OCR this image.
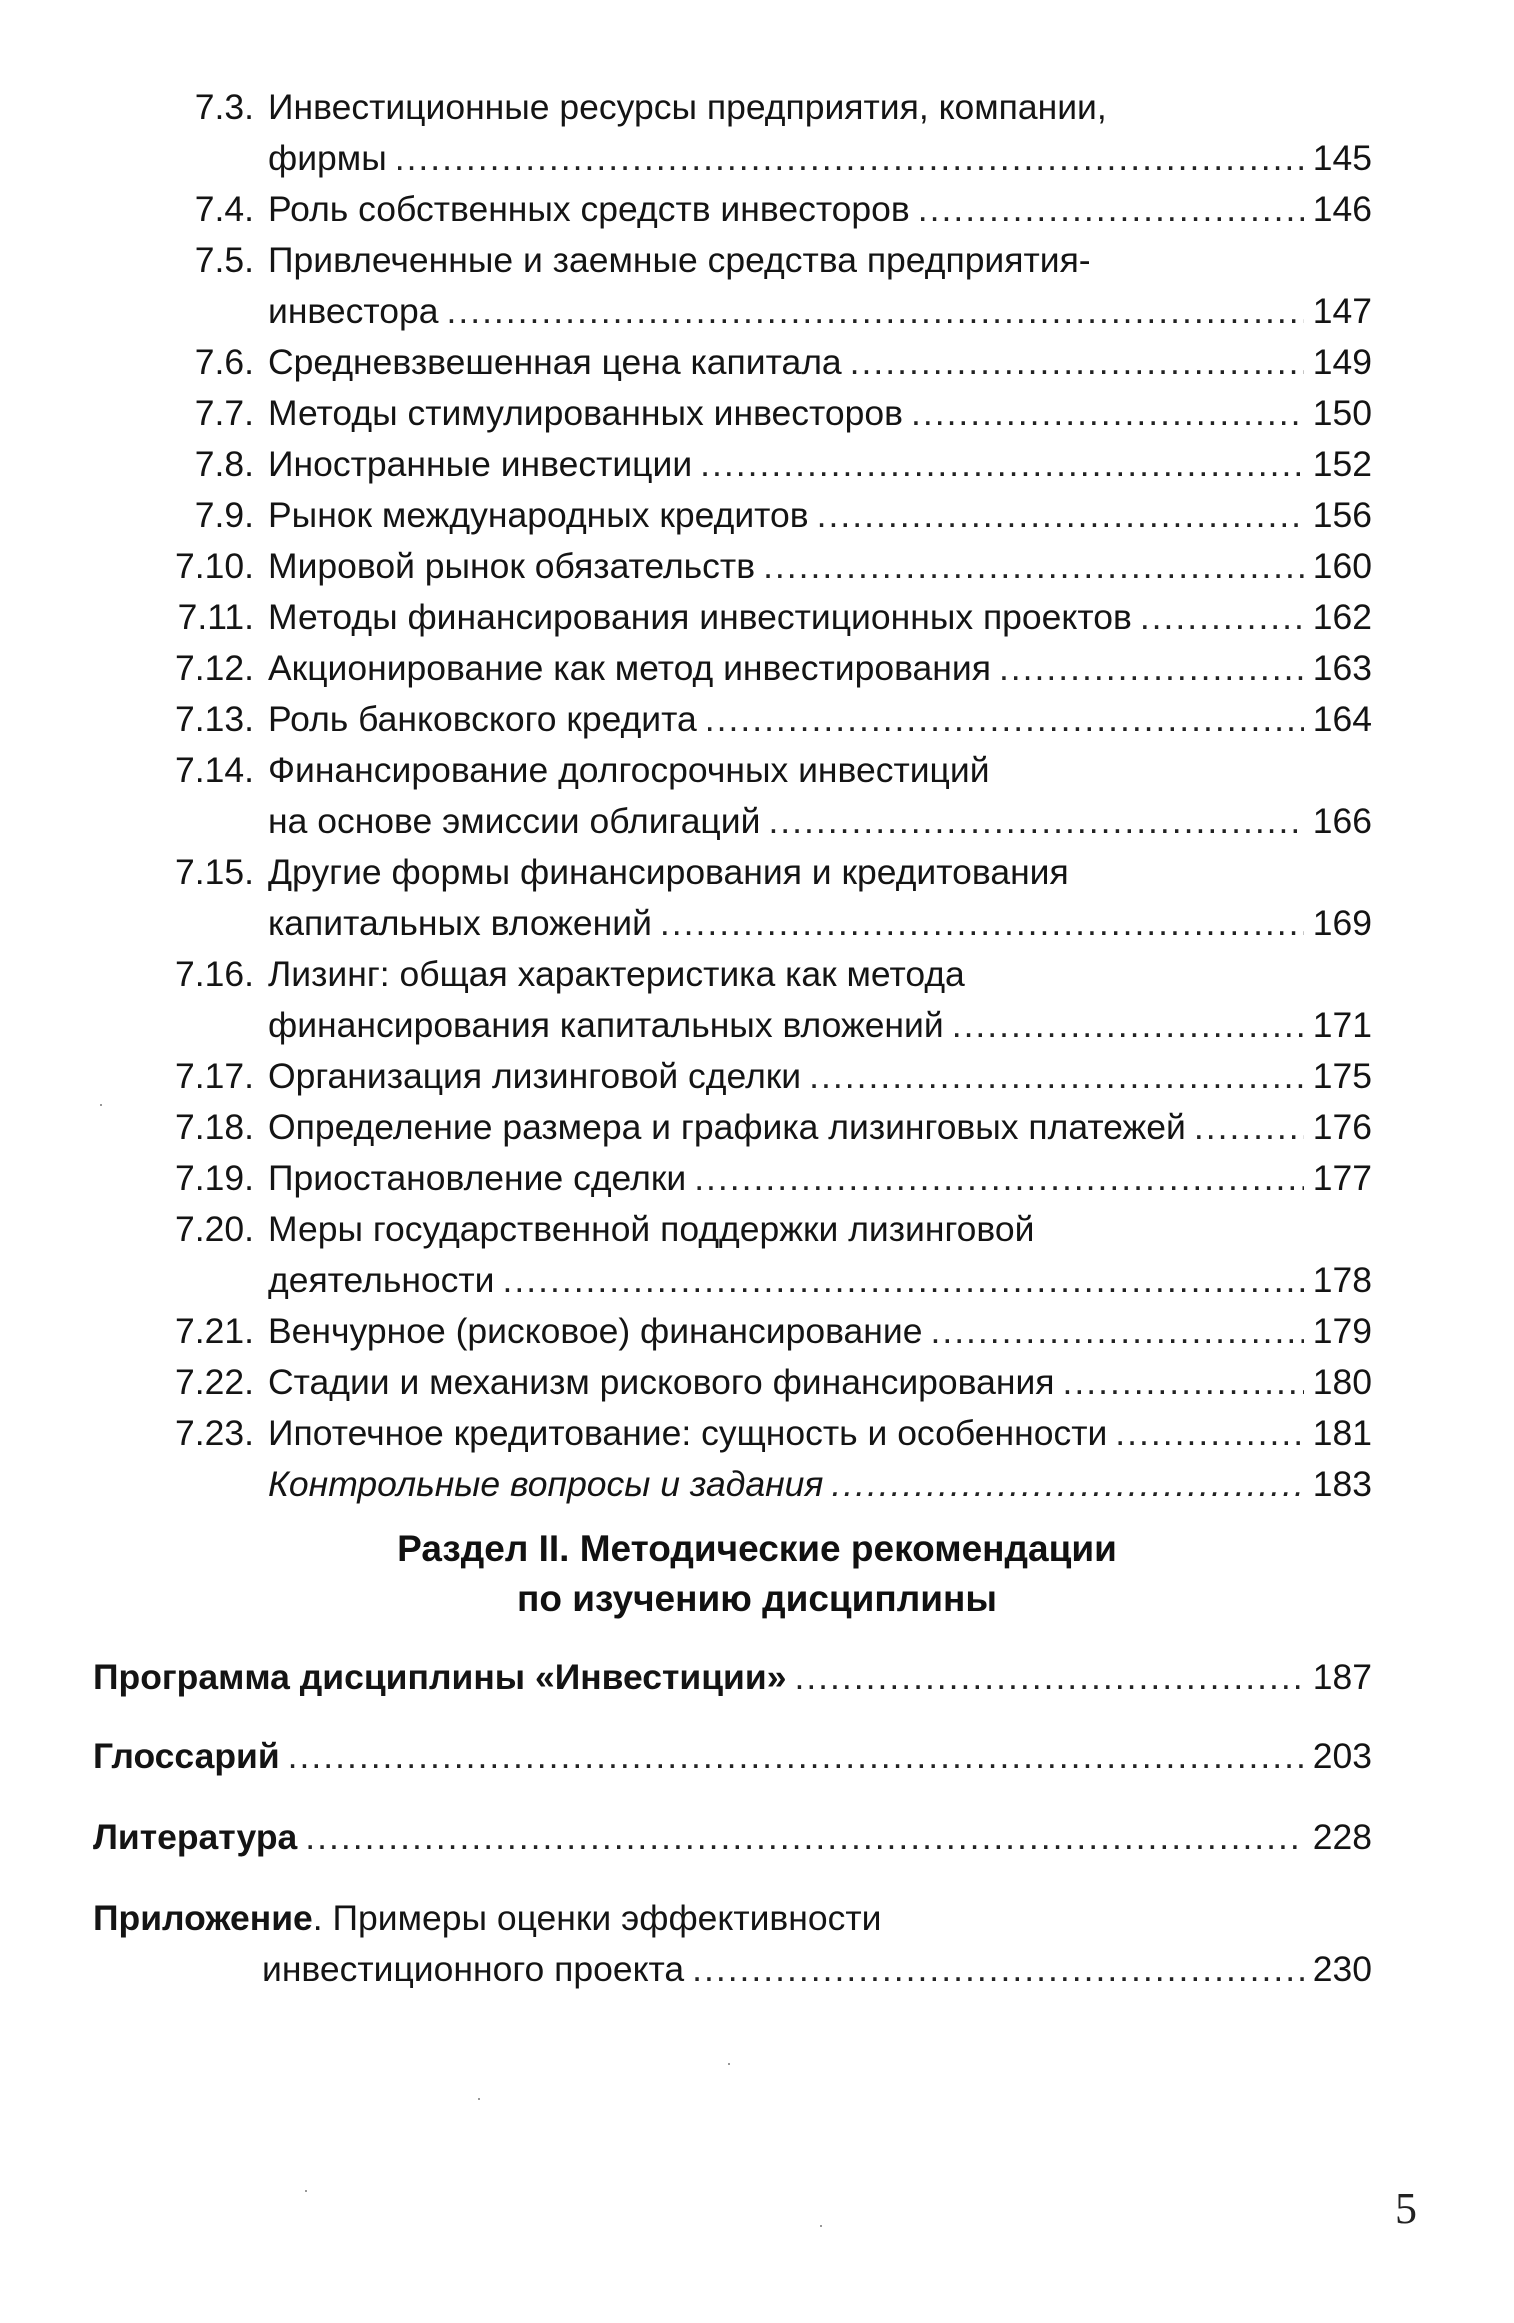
7.3. Инвестиционные ресурсы предприятия, компании,
фирмы .....	145
7.4. Роль собственных средств инвесторов .....	146
7.5. Привлеченные и заемные средства предприятия-
инвестора .....	147
7.6. Средневзвешенная цена капитала .....	149
7.7. Методы стимулированных инвесторов .....	150
7.8. Иностранные инвестиции .....	152
7.9. Рынок международных кредитов .....	156
7.10. Мировой рынок обязательств .....	160
7.11. Методы финансирования инвестиционных проектов .....	162
7.12. Акционирование как метод инвестирования .....	163
7.13. Роль банковского кредита .....	164
7.14. Финансирование долгосрочных инвестиций
на основе эмиссии облигаций .....	166
7.15. Другие формы финансирования и кредитования
капитальных вложений .....	169
7.16. Лизинг: общая характеристика как метода
финансирования капитальных вложений .....	171
7.17. Организация лизинговой сделки .....	175
7.18. Определение размера и графика лизинговых платежей .....	176
7.19. Приостановление сделки .....	177
7.20. Меры государственной поддержки лизинговой
деятельности .....	178
7.21. Венчурное (рисковое) финансирование .....	179
7.22. Стадии и механизм рискового финансирования .....	180
7.23. Ипотечное кредитование: сущность и особенности .....	181
Контрольные вопросы и задания .....	183
Раздел II. Методические рекомендации
по изучению дисциплины
Программа дисциплины «Инвестиции» .....	187
Глоссарий .....	203
Литература .....	228
Приложение . Примеры оценки эффективности
инвестиционного проекта .....	230
5
